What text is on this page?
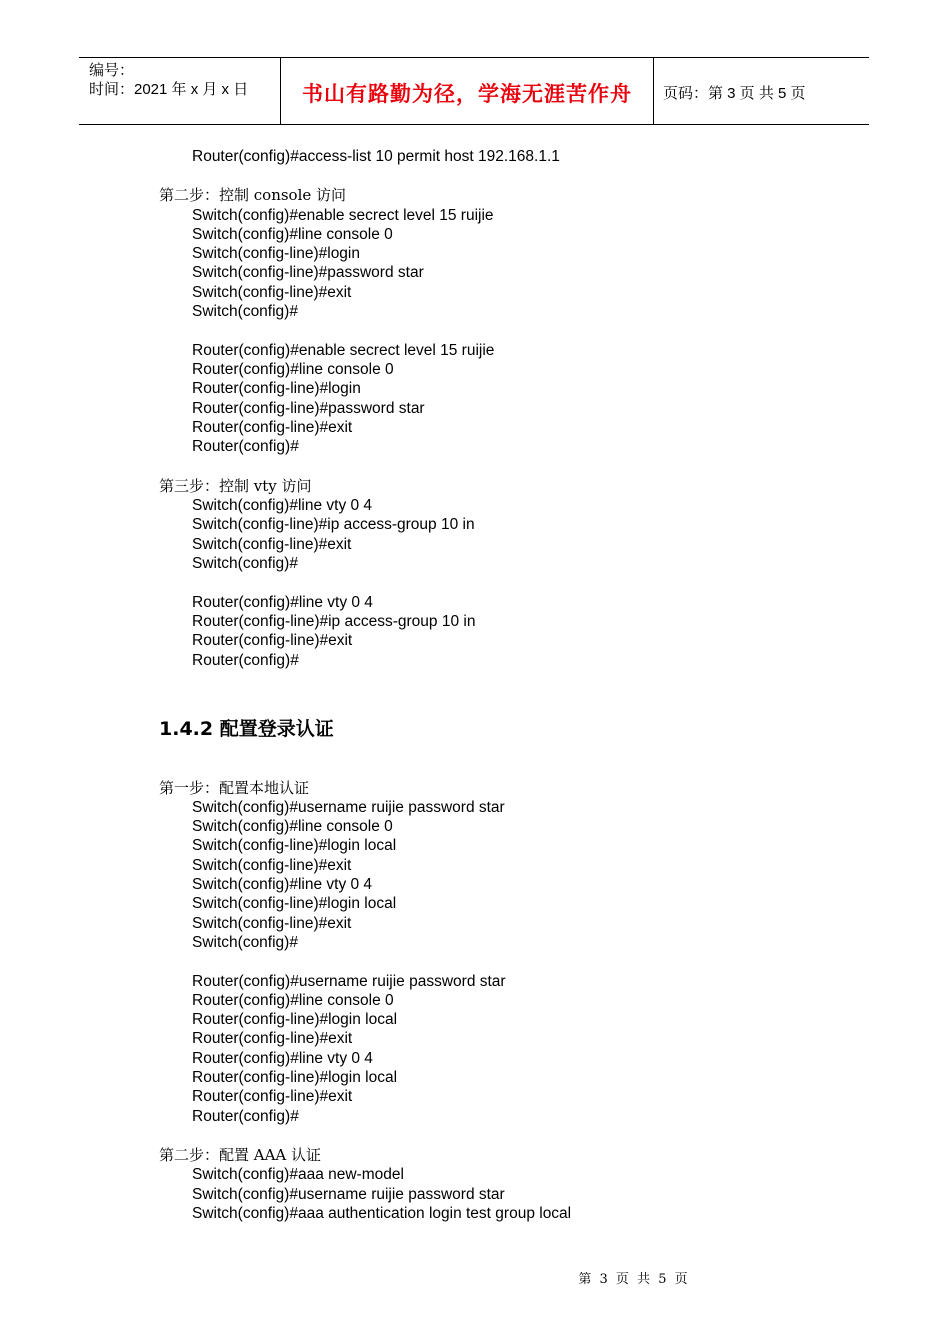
编号：
时间：2021 年 x 月 x 日	书山有路勤为径，学海无涯苦作舟	页码：第 3 页 共 5 页
Router(config)#access-list 10 permit host 192.168.1.1
第二步：控制 console 访问
Switch(config)#enable secrect level 15 ruijie
Switch(config)#line console 0
Switch(config-line)#login
Switch(config-line)#password star
Switch(config-line)#exit
Switch(config)#
Router(config)#enable secrect level 15 ruijie
Router(config)#line console 0
Router(config-line)#login
Router(config-line)#password star
Router(config-line)#exit
Router(config)#
第三步：控制 vty 访问
Switch(config)#line vty 0 4
Switch(config-line)#ip access-group 10 in
Switch(config-line)#exit
Switch(config)#
Router(config)#line vty 0 4
Router(config-line)#ip access-group 10 in
Router(config-line)#exit
Router(config)#
1.4.2 配置登录认证
第一步：配置本地认证
Switch(config)#username ruijie password star
Switch(config)#line console 0
Switch(config-line)#login local
Switch(config-line)#exit
Switch(config)#line vty 0 4
Switch(config-line)#login local
Switch(config-line)#exit
Switch(config)#
Router(config)#username ruijie password star
Router(config)#line console 0
Router(config-line)#login local
Router(config-line)#exit
Router(config)#line vty 0 4
Router(config-line)#login local
Router(config-line)#exit
Router(config)#
第二步：配置 AAA 认证
Switch(config)#aaa new-model
Switch(config)#username ruijie password star
Switch(config)#aaa authentication login test group local
第 3 页 共 5 页
